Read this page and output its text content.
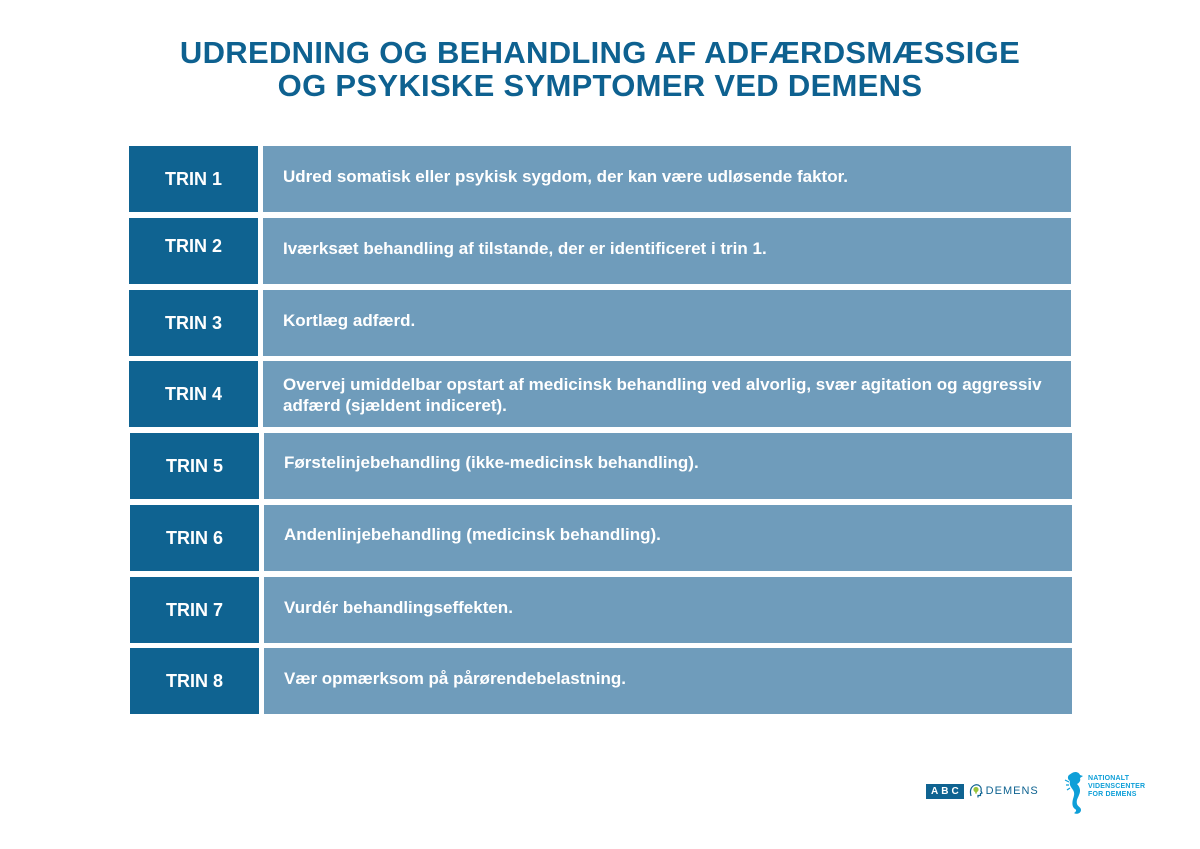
UDREDNING OG BEHANDLING AF ADFÆRDSMÆSSIGE
OG PSYKISKE SYMPTOMER VED DEMENS
TRIN 1	Udred somatisk eller psykisk sygdom, der kan være udløsende faktor.
TRIN 2	Iværksæt behandling af tilstande, der er identificeret i trin 1.
TRIN 3	Kortlæg adfærd.
TRIN 4	Overvej umiddelbar opstart af medicinsk behandling ved alvorlig, svær agitation og aggressiv adfærd (sjældent indiceret).
TRIN 5	Førstelinjebehandling (ikke-medicinsk behandling).
TRIN 6	Andenlinjebehandling (medicinsk behandling).
TRIN 7	Vurdér behandlingseffekten.
TRIN 8	Vær opmærksom på pårørendebelastning.
ABC DEMENS
NATIONALT
VIDENSCENTER
FOR DEMENS
